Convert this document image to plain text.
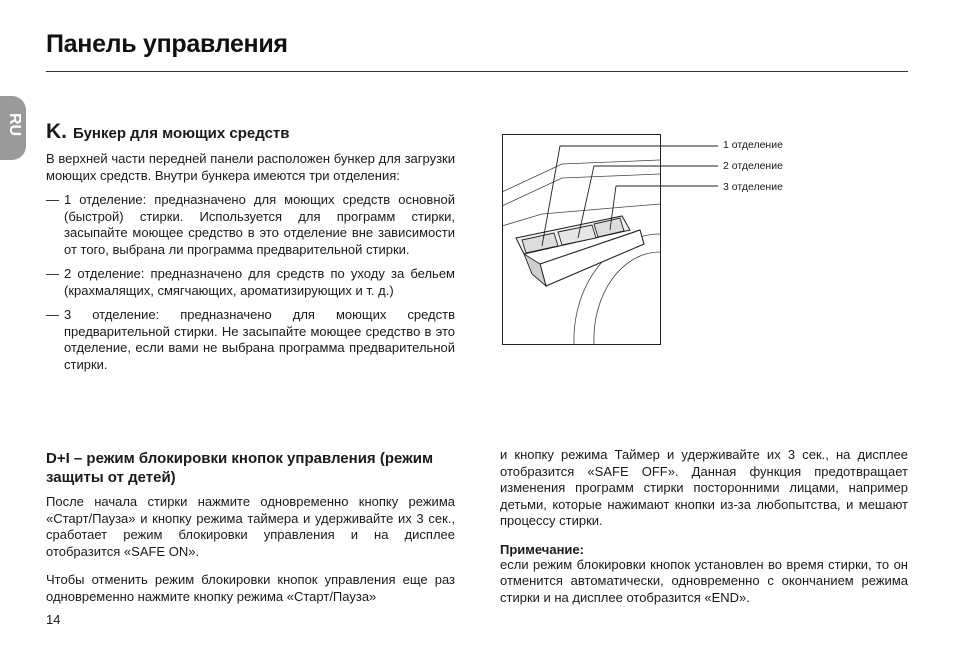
Панель управления
RU K. Бункер для моющих средств

В верхней части передней панели расположен бункер для загрузки моющих средств. Внутри бункера имеются три отделения:

— 1 отделение: предназначено для моющих средств основной (быстрой) стирки. Используется для программ стирки, засыпайте моющее средство в это отделение вне зависимости от того, выбрана ли программа предварительной стирки.

— 2 отделение: предназначено для средств по уходу за бельем (крахмалящих, смягчающих, ароматизирующих и т. д.)

— 3 отделение: предназначено для моющих средств предварительной стирки. Не засыпайте моющее средство в это отделение, если вами не выбрана программа предварительной стирки.

1 отделение
2 отделение
3 отделение
D+I – режим блокировки кнопок управления (режим защиты от детей)

После начала стирки нажмите одновременно кнопку режима «Старт/Пауза» и кнопку режима таймера и удерживайте их 3 сек., сработает режим блокировки управления и на дисплее отобразится «SAFE ON».

Чтобы отменить режим блокировки кнопок управления еще раз одновременно нажмите кнопку режима «Старт/Пауза»

и кнопку режима Таймер и удерживайте их 3 сек., на дисплее отобразится «SAFE OFF». Данная функция предотвращает изменения программ стирки посторонними лицами, например детьми, которые нажимают кнопки из-за любопытства, и мешают процессу стирки.

Примечание:

если режим блокировки кнопок установлен во время стирки, то он отменится автоматически, одновременно с окончанием режима стирки и на дисплее отобразится «END».

14
